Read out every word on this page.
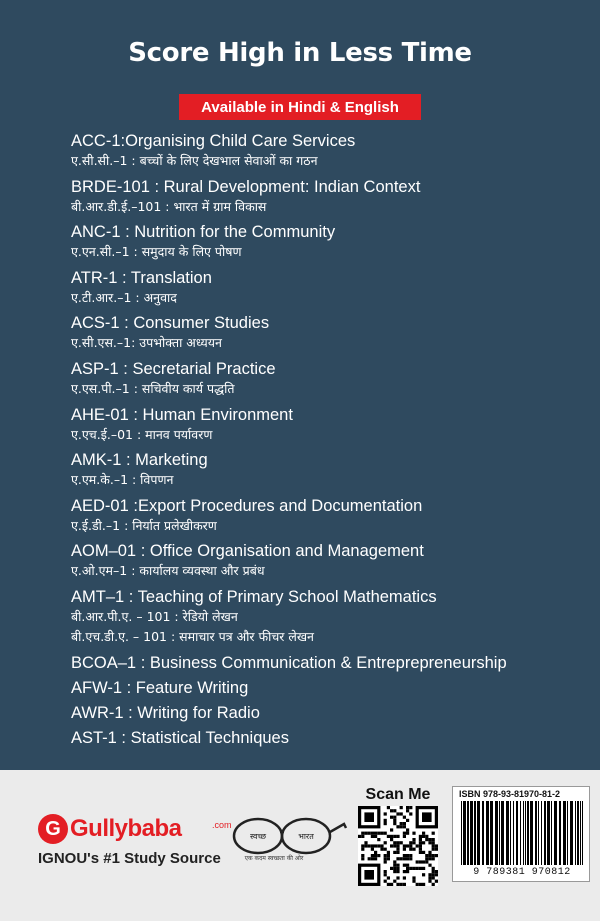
Score High in Less Time
Available in Hindi & English
ACC-1:Organising Child Care Services
ए.सी.सी.–1 : बच्चों के लिए देखभाल सेवाओं का गठन
BRDE-101 : Rural Development: Indian Context
बी.आर.डी.ई.–101 : भारत में ग्राम विकास
ANC-1 : Nutrition for the Community
ए.एन.सी.–1 : समुदाय के लिए पोषण
ATR-1 : Translation
ए.टी.आर.–1 : अनुवाद
ACS-1 : Consumer Studies
ए.सी.एस.–1: उपभोक्ता अध्ययन
ASP-1 : Secretarial Practice
ए.एस.पी.–1 : सचिवीय कार्य पद्धति
AHE-01 : Human Environment
ए.एच.ई.–01 : मानव पर्यावरण
AMK-1 : Marketing
ए.एम.के.–1 : विपणन
AED-01 :Export Procedures and Documentation
ए.ई.डी.–1 : निर्यात प्रलेखीकरण
AOM–01 : Office Organisation and Management
ए.ओ.एम–1 : कार्यालय व्यवस्था और प्रबंध
AMT–1 : Teaching of Primary School Mathematics
बी.आर.पी.ए. – 101 : रेडियो लेखन
बी.एच.डी.ए. – 101 : समाचार पत्र और फीचर लेखन
BCOA–1 : Business Communication & Entreprepreneurship
AFW-1 : Feature Writing
AWR-1 : Writing for Radio
AST-1 : Statistical Techniques
G Gullybaba	.com
IGNOU's #1 Study Source
स्वच्छ	भारत
एक कदम स्वच्छता की ओर
Scan Me	ISBN 978-93-81970-81-2
9 789381 970812
